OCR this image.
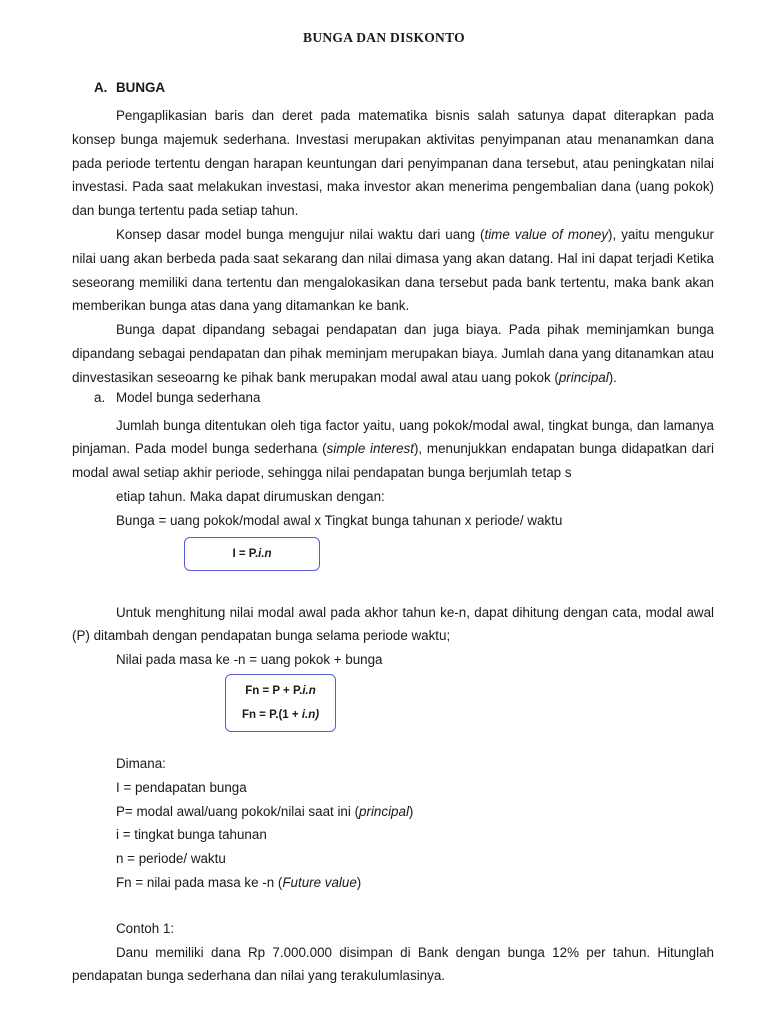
BUNGA DAN DISKONTO
A. BUNGA

Pengaplikasian baris dan deret pada matematika bisnis salah satunya dapat diterapkan pada konsep bunga majemuk sederhana. Investasi merupakan aktivitas penyimpanan atau menanamkan dana pada periode tertentu dengan harapan keuntungan dari penyimpanan dana tersebut, atau peningkatan nilai investasi. Pada saat melakukan investasi, maka investor akan menerima pengembalian dana (uang pokok) dan bunga tertentu pada setiap tahun.

Konsep dasar model bunga mengujur nilai waktu dari uang (time value of money), yaitu mengukur nilai uang akan berbeda pada saat sekarang dan nilai dimasa yang akan datang. Hal ini dapat terjadi Ketika seseorang memiliki dana tertentu dan mengalokasikan dana tersebut pada bank tertentu, maka bank akan memberikan bunga atas dana yang ditamankan ke bank.

Bunga dapat dipandang sebagai pendapatan dan juga biaya. Pada pihak meminjamkan bunga dipandang sebagai pendapatan dan pihak meminjam merupakan biaya. Jumlah dana yang ditanamkan atau dinvestasikan seseoarng ke pihak bank merupakan modal awal atau uang pokok (principal).

a. Model bunga sederhana

Jumlah bunga ditentukan oleh tiga factor yaitu, uang pokok/modal awal, tingkat bunga, dan lamanya pinjaman. Pada model bunga sederhana (simple interest), menunjukkan endapatan bunga didapatkan dari modal awal setiap akhir periode, sehingga nilai pendapatan bunga berjumlah tetap s

etiap tahun. Maka dapat dirumuskan dengan:
Bunga = uang pokok/modal awal x Tingkat bunga tahunan x periode/ waktu
I = P.i.n

Untuk menghitung nilai modal awal pada akhor tahun ke-n, dapat dihitung dengan cata, modal awal (P) ditambah dengan pendapatan bunga selama periode waktu;

Nilai pada masa ke -n = uang pokok + bunga
Fn = P + P.i.n
Fn = P.(1 + i.n)
Dimana:
I = pendapatan bunga
P= modal awal/uang pokok/nilai saat ini (principal)
i = tingkat bunga tahunan
n = periode/ waktu
Fn = nilai pada masa ke -n (Future value)
Contoh 1:

Danu memiliki dana Rp 7.000.000 disimpan di Bank dengan bunga 12% per tahun. Hitunglah pendapatan bunga sederhana dan nilai yang terakulumlasinya.
